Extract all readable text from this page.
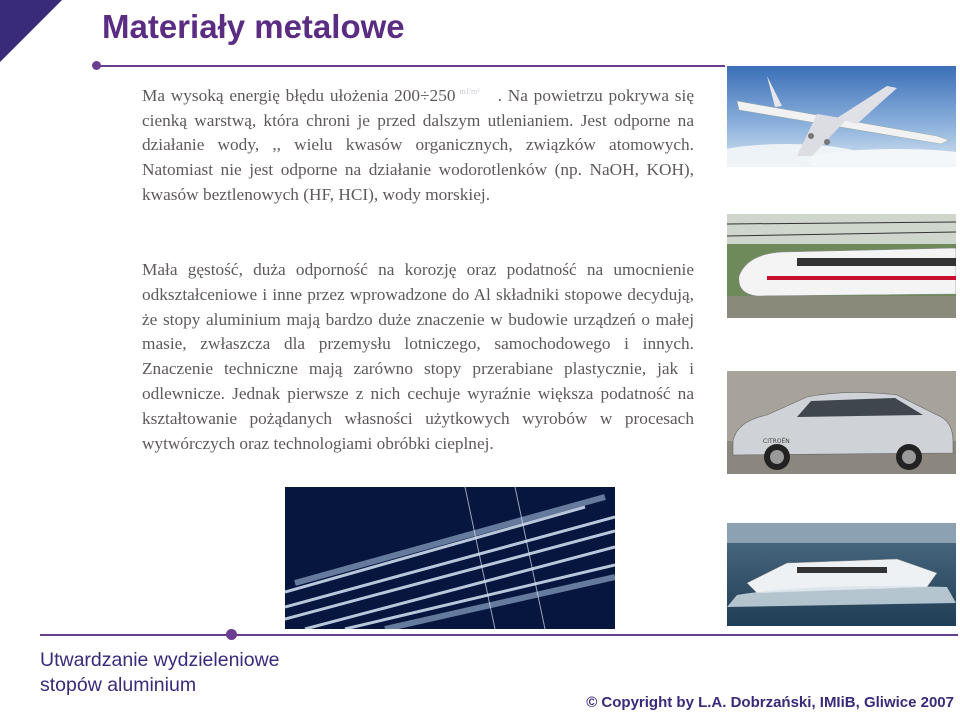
Materiały metalowe

Ma wysoką energię błędu ułożenia 200÷250 $^{mJ/m^2}$ . Na powietrzu pokrywa się cienką warstwą, która chroni je przed dalszym utlenianiem. Jest odporne na działanie wody, ,, wielu kwasów organicznych, związków atomowych. Natomiast nie jest odporne na działanie wodorotlenków (np. NaOH, KOH), kwasów beztlenowych (HF, HCI), wody morskiej.

Mała gęstość, duża odporność na korozję oraz podatność na umocnienie odkształceniowe i inne przez wprowadzone do Al składniki stopowe decydują, że stopy aluminium mają bardzo duże znaczenie w budowie urządzeń o małej masie, zwłaszcza dla przemysłu lotniczego, samochodowego i innych. Znaczenie techniczne mają zarówno stopy przerabiane plastycznie, jak i odlewnicze. Jednak pierwsze z nich cechuje wyraźnie większa podatność na kształtowanie pożądanych własności użytkowych wyrobów w procesach wytwórczych oraz technologiami obróbki cieplnej.	CITROËN
Utwardzanie wydzieleniowe
stopów aluminium
© Copyright by L.A. Dobrzański, IMIiB, Gliwice 2007
